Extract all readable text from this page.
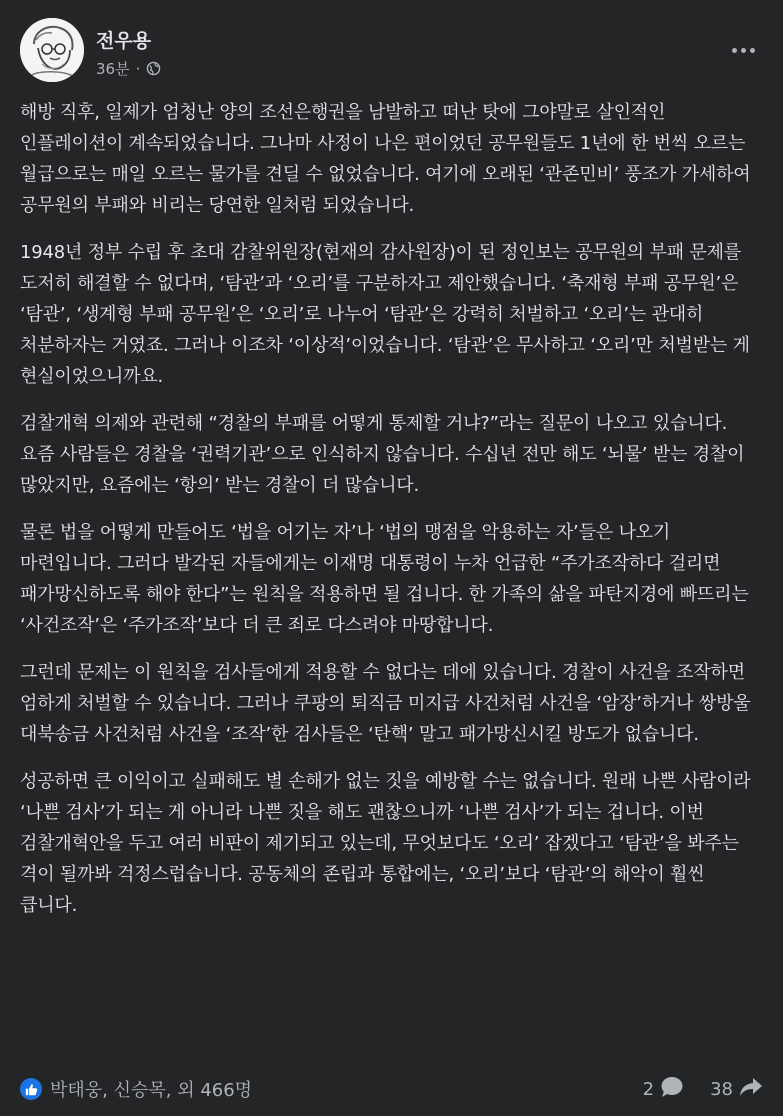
전우용
36분 ·

해방 직후, 일제가 엄청난 양의 조선은행권을 남발하고 떠난 탓에 그야말로 살인적인 인플레이션이 계속되었습니다. 그나마 사정이 나은 편이었던 공무원들도 1년에 한 번씩 오르는 월급으로는 매일 오르는 물가를 견딜 수 없었습니다. 여기에 오래된 ‘관존민비’ 풍조가 가세하여 공무원의 부패와 비리는 당연한 일처럼 되었습니다.

1948년 정부 수립 후 초대 감찰위원장(현재의 감사원장)이 된 정인보는 공무원의 부패 문제를 도저히 해결할 수 없다며, ‘탐관’과 ‘오리’를 구분하자고 제안했습니다. ‘축재형 부패 공무원’은 ‘탐관’, ‘생계형 부패 공무원’은 ‘오리’로 나누어 ‘탐관’은 강력히 처벌하고 ‘오리’는 관대히 처분하자는 거였죠. 그러나 이조차 ‘이상적’이었습니다. ‘탐관’은 무사하고 ‘오리’만 처벌받는 게 현실이었으니까요.

검찰개혁 의제와 관련해 “경찰의 부패를 어떻게 통제할 거냐?”라는 질문이 나오고 있습니다. 요즘 사람들은 경찰을 ‘권력기관’으로 인식하지 않습니다. 수십년 전만 해도 ‘뇌물’ 받는 경찰이 많았지만, 요즘에는 ‘항의’ 받는 경찰이 더 많습니다.

물론 법을 어떻게 만들어도 ‘법을 어기는 자’나 ‘법의 맹점을 악용하는 자’들은 나오기 마련입니다. 그러다 발각된 자들에게는 이재명 대통령이 누차 언급한 “주가조작하다 걸리면 패가망신하도록 해야 한다”는 원칙을 적용하면 될 겁니다. 한 가족의 삶을 파탄지경에 빠뜨리는 ‘사건조작’은 ‘주가조작’보다 더 큰 죄로 다스려야 마땅합니다.

그런데 문제는 이 원칙을 검사들에게 적용할 수 없다는 데에 있습니다. 경찰이 사건을 조작하면 엄하게 처벌할 수 있습니다. 그러나 쿠팡의 퇴직금 미지급 사건처럼 사건을 ‘암장’하거나 쌍방울 대북송금 사건처럼 사건을 ‘조작’한 검사들은 ‘탄핵’ 말고 패가망신시킬 방도가 없습니다.

성공하면 큰 이익이고 실패해도 별 손해가 없는 짓을 예방할 수는 없습니다. 원래 나쁜 사람이라 ‘나쁜 검사’가 되는 게 아니라 나쁜 짓을 해도 괜찮으니까 ‘나쁜 검사’가 되는 겁니다. 이번 검찰개혁안을 두고 여러 비판이 제기되고 있는데, 무엇보다도 ‘오리’ 잡겠다고 ‘탐관’을 봐주는 격이 될까봐 걱정스럽습니다. 공동체의 존립과 통합에는, ‘오리’보다 ‘탐관’의 해악이 훨씬 큽니다.

박태웅, 신승목, 외 466명	2	38
